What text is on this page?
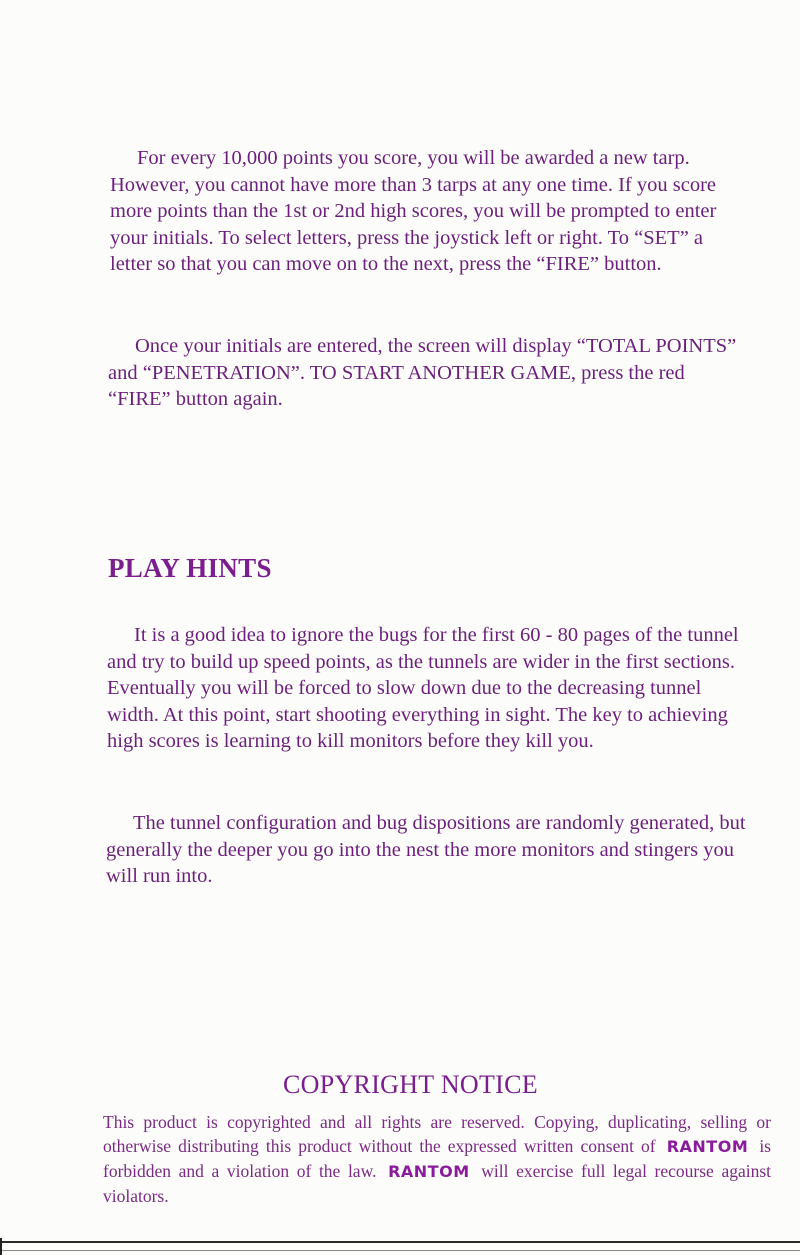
For every 10,000 points you score, you will be awarded a new tarp. However, you cannot have more than 3 tarps at any one time. If you score more points than the 1st or 2nd high scores, you will be prompted to enter your initials. To select letters, press the joystick left or right. To “SET” a letter so that you can move on to the next, press the “FIRE” button.

Once your initials are entered, the screen will display “TOTAL POINTS” and “PENETRATION”. TO START ANOTHER GAME, press the red “FIRE” button again.

PLAY HINTS

It is a good idea to ignore the bugs for the first 60 - 80 pages of the tunnel and try to build up speed points, as the tunnels are wider in the first sections. Eventually you will be forced to slow down due to the decreasing tunnel width. At this point, start shooting everything in sight. The key to achieving high scores is learning to kill monitors before they kill you.

The tunnel configuration and bug dispositions are randomly generated, but generally the deeper you go into the nest the more monitors and stingers you will run into.

COPYRIGHT NOTICE

This product is copyrighted and all rights are reserved. Copying, duplicating, selling or otherwise distributing this product without the expressed written consent of RANTOM is forbidden and a violation of the law. RANTOM will exercise full legal recourse against violators.
